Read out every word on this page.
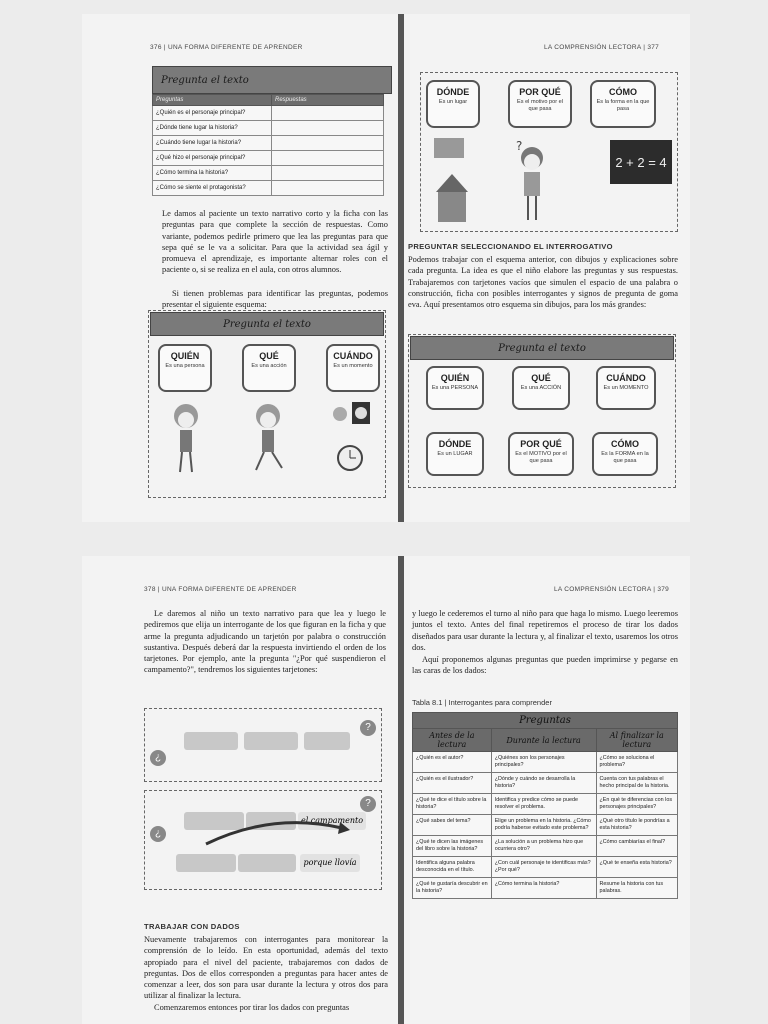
376 | UNA FORMA DIFERENTE DE APRENDER
Pregunta el texto
Preguntas	Respuestas
¿Quién es el personaje principal?	
¿Dónde tiene lugar la historia?	
¿Cuándo tiene lugar la historia?	
¿Qué hizo el personaje principal?	
¿Cómo termina la historia?	
¿Cómo se siente el protagonista?	
Le damos al paciente un texto narrativo corto y la ficha con las preguntas para que complete la sección de respuestas. Como variante, podemos pedirle primero que lea las preguntas para que sepa qué se le va a solicitar. Para que la actividad sea ágil y promueva el aprendizaje, es importante alternar roles con el paciente o, si se realiza en el aula, con otros alumnos.
Si tienen problemas para identificar las preguntas, podemos presentar el siguiente esquema:
Pregunta el texto
QUIÉN
Es una persona
QUÉ
Es una acción
CUÁNDO
Es un momento
LA COMPRENSIÓN LECTORA | 377
DÓNDE
Es un lugar
POR QUÉ
Es el motivo por el que pasa
CÓMO
Es la forma en la que pasa
?
2 + 2 = 4
PREGUNTAR SELECCIONANDO EL INTERROGATIVO
Podemos trabajar con el esquema anterior, con dibujos y explicaciones sobre cada pregunta. La idea es que el niño elabore las preguntas y sus respuestas. Trabajaremos con tarjetones vacíos que simulen el espacio de una palabra o construcción, ficha con posibles interrogantes y signos de pregunta de goma eva. Aquí presentamos otro esquema sin dibujos, para los más grandes:
Pregunta el texto
QUIÉN
Es una PERSONA
QUÉ
Es una ACCIÓN
CUÁNDO
Es un MOMENTO
DÓNDE
Es un LUGAR
POR QUÉ
Es el MOTIVO por el que pasa
CÓMO
Es la FORMA en la que pasa
378 | UNA FORMA DIFERENTE DE APRENDER
Le daremos al niño un texto narrativo para que lea y luego le pediremos que elija un interrogante de los que figuran en la ficha y que arme la pregunta adjudicando un tarjetón por palabra o construcción sustantiva. Después deberá dar la respuesta invirtiendo el orden de los tarjetones. Por ejemplo, ante la pregunta "¿Por qué suspendieron el campamento?", tendremos los siguientes tarjetones:
¿
?
el campamento
porque llovía
¿
?
TRABAJAR CON DADOS
Nuevamente trabajaremos con interrogantes para monitorear la comprensión de lo leído. En esta oportunidad, además del texto apropiado para el nivel del paciente, trabajaremos con dados de preguntas. Dos de ellos corresponden a preguntas para hacer antes de comenzar a leer, dos son para usar durante la lectura y otros dos para utilizar al finalizar la lectura.
Comenzaremos entonces por tirar los dados con preguntas
LA COMPRENSIÓN LECTORA | 379
y luego le cederemos el turno al niño para que haga lo mismo. Luego leeremos juntos el texto. Antes del final repetiremos el proceso de tirar los dados diseñados para usar durante la lectura y, al finalizar el texto, usaremos los otros dos.
Aquí proponemos algunas preguntas que pueden imprimirse y pegarse en las caras de los dados:
Tabla 8.1 | Interrogantes para comprender
Preguntas		
Antes de la lectura	Durante la lectura	Al finalizar la lectura
¿Quién es el autor?	¿Quiénes son los personajes principales?	¿Cómo se soluciona el problema?
¿Quién es el ilustrador?	¿Dónde y cuándo se desarrolla la historia?	Cuenta con tus palabras el hecho principal de la historia.
¿Qué te dice el título sobre la historia?	Identifica y predice cómo se puede resolver el problema.	¿En qué te diferencias con los personajes principales?
¿Qué sabes del tema?	Elige un problema en la historia. ¿Cómo podría haberse evitado este problema?	¿Qué otro título le pondrías a esta historia?
¿Qué te dicen las imágenes del libro sobre la historia?	¿La solución a un problema hizo que ocurriera otro?	¿Cómo cambiarías el final?
Identifica alguna palabra desconocida en el título.	¿Con cuál personaje te identificas más? ¿Por qué?	¿Qué te enseña esta historia?
¿Qué te gustaría descubrir en la historia?	¿Cómo termina la historia?	Resume la historia con tus palabras.
